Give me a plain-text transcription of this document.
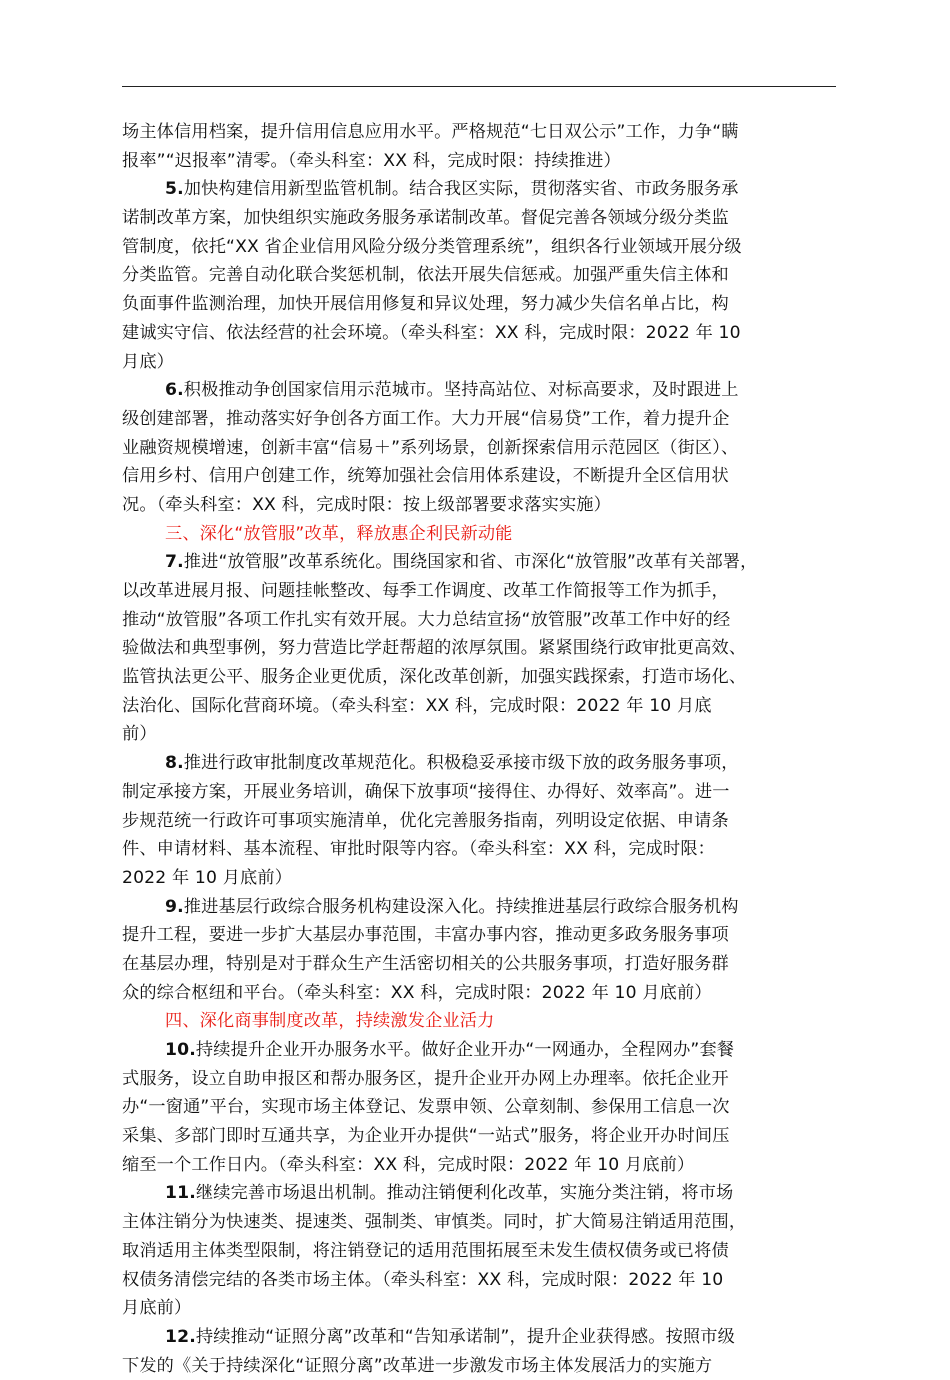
场主体信用档案，提升信用信息应用水平。严格规范“七日双公示”工作，力争“瞒
报率”“迟报率”清零。（牵头科室：XX 科，完成时限：持续推进）
5.加快构建信用新型监管机制。结合我区实际，贯彻落实省、市政务服务承
诺制改革方案，加快组织实施政务服务承诺制改革。督促完善各领域分级分类监
管制度，依托“XX 省企业信用风险分级分类管理系统”，组织各行业领域开展分级
分类监管。完善自动化联合奖惩机制，依法开展失信惩戒。加强严重失信主体和
负面事件监测治理，加快开展信用修复和异议处理，努力减少失信名单占比，构
建诚实守信、依法经营的社会环境。（牵头科室：XX 科，完成时限：2022 年 10
月底）
6.积极推动争创国家信用示范城市。坚持高站位、对标高要求，及时跟进上
级创建部署，推动落实好争创各方面工作。大力开展“信易贷”工作，着力提升企
业融资规模增速，创新丰富“信易＋”系列场景，创新探索信用示范园区（街区）、
信用乡村、信用户创建工作，统筹加强社会信用体系建设，不断提升全区信用状
况。（牵头科室：XX 科，完成时限：按上级部署要求落实实施）
三、深化“放管服”改革，释放惠企利民新动能
7.推进“放管服”改革系统化。围绕国家和省、市深化“放管服”改革有关部署，
以改革进展月报、问题挂帐整改、每季工作调度、改革工作简报等工作为抓手，
推动“放管服”各项工作扎实有效开展。大力总结宣扬“放管服”改革工作中好的经
验做法和典型事例，努力营造比学赶帮超的浓厚氛围。紧紧围绕行政审批更高效、
监管执法更公平、服务企业更优质，深化改革创新，加强实践探索，打造市场化、
法治化、国际化营商环境。（牵头科室：XX 科，完成时限：2022 年 10 月底
前）
8.推进行政审批制度改革规范化。积极稳妥承接市级下放的政务服务事项，
制定承接方案，开展业务培训，确保下放事项“接得住、办得好、效率高”。进一
步规范统一行政许可事项实施清单，优化完善服务指南，列明设定依据、申请条
件、申请材料、基本流程、审批时限等内容。（牵头科室：XX 科，完成时限：
2022 年 10 月底前）
9.推进基层行政综合服务机构建设深入化。持续推进基层行政综合服务机构
提升工程，要进一步扩大基层办事范围，丰富办事内容，推动更多政务服务事项
在基层办理，特别是对于群众生产生活密切相关的公共服务事项，打造好服务群
众的综合枢纽和平台。（牵头科室：XX 科，完成时限：2022 年 10 月底前）
四、深化商事制度改革，持续激发企业活力
10.持续提升企业开办服务水平。做好企业开办“一网通办，全程网办”套餐
式服务，设立自助申报区和帮办服务区，提升企业开办网上办理率。依托企业开
办“一窗通”平台，实现市场主体登记、发票申领、公章刻制、参保用工信息一次
采集、多部门即时互通共享，为企业开办提供“一站式”服务，将企业开办时间压
缩至一个工作日内。（牵头科室：XX 科，完成时限：2022 年 10 月底前）
11.继续完善市场退出机制。推动注销便利化改革，实施分类注销，将市场
主体注销分为快速类、提速类、强制类、审慎类。同时，扩大简易注销适用范围，
取消适用主体类型限制，将注销登记的适用范围拓展至未发生债权债务或已将债
权债务清偿完结的各类市场主体。（牵头科室：XX 科，完成时限：2022 年 10
月底前）
12.持续推动“证照分离”改革和“告知承诺制”，提升企业获得感。按照市级
下发的《关于持续深化“证照分离”改革进一步激发市场主体发展活力的实施方
